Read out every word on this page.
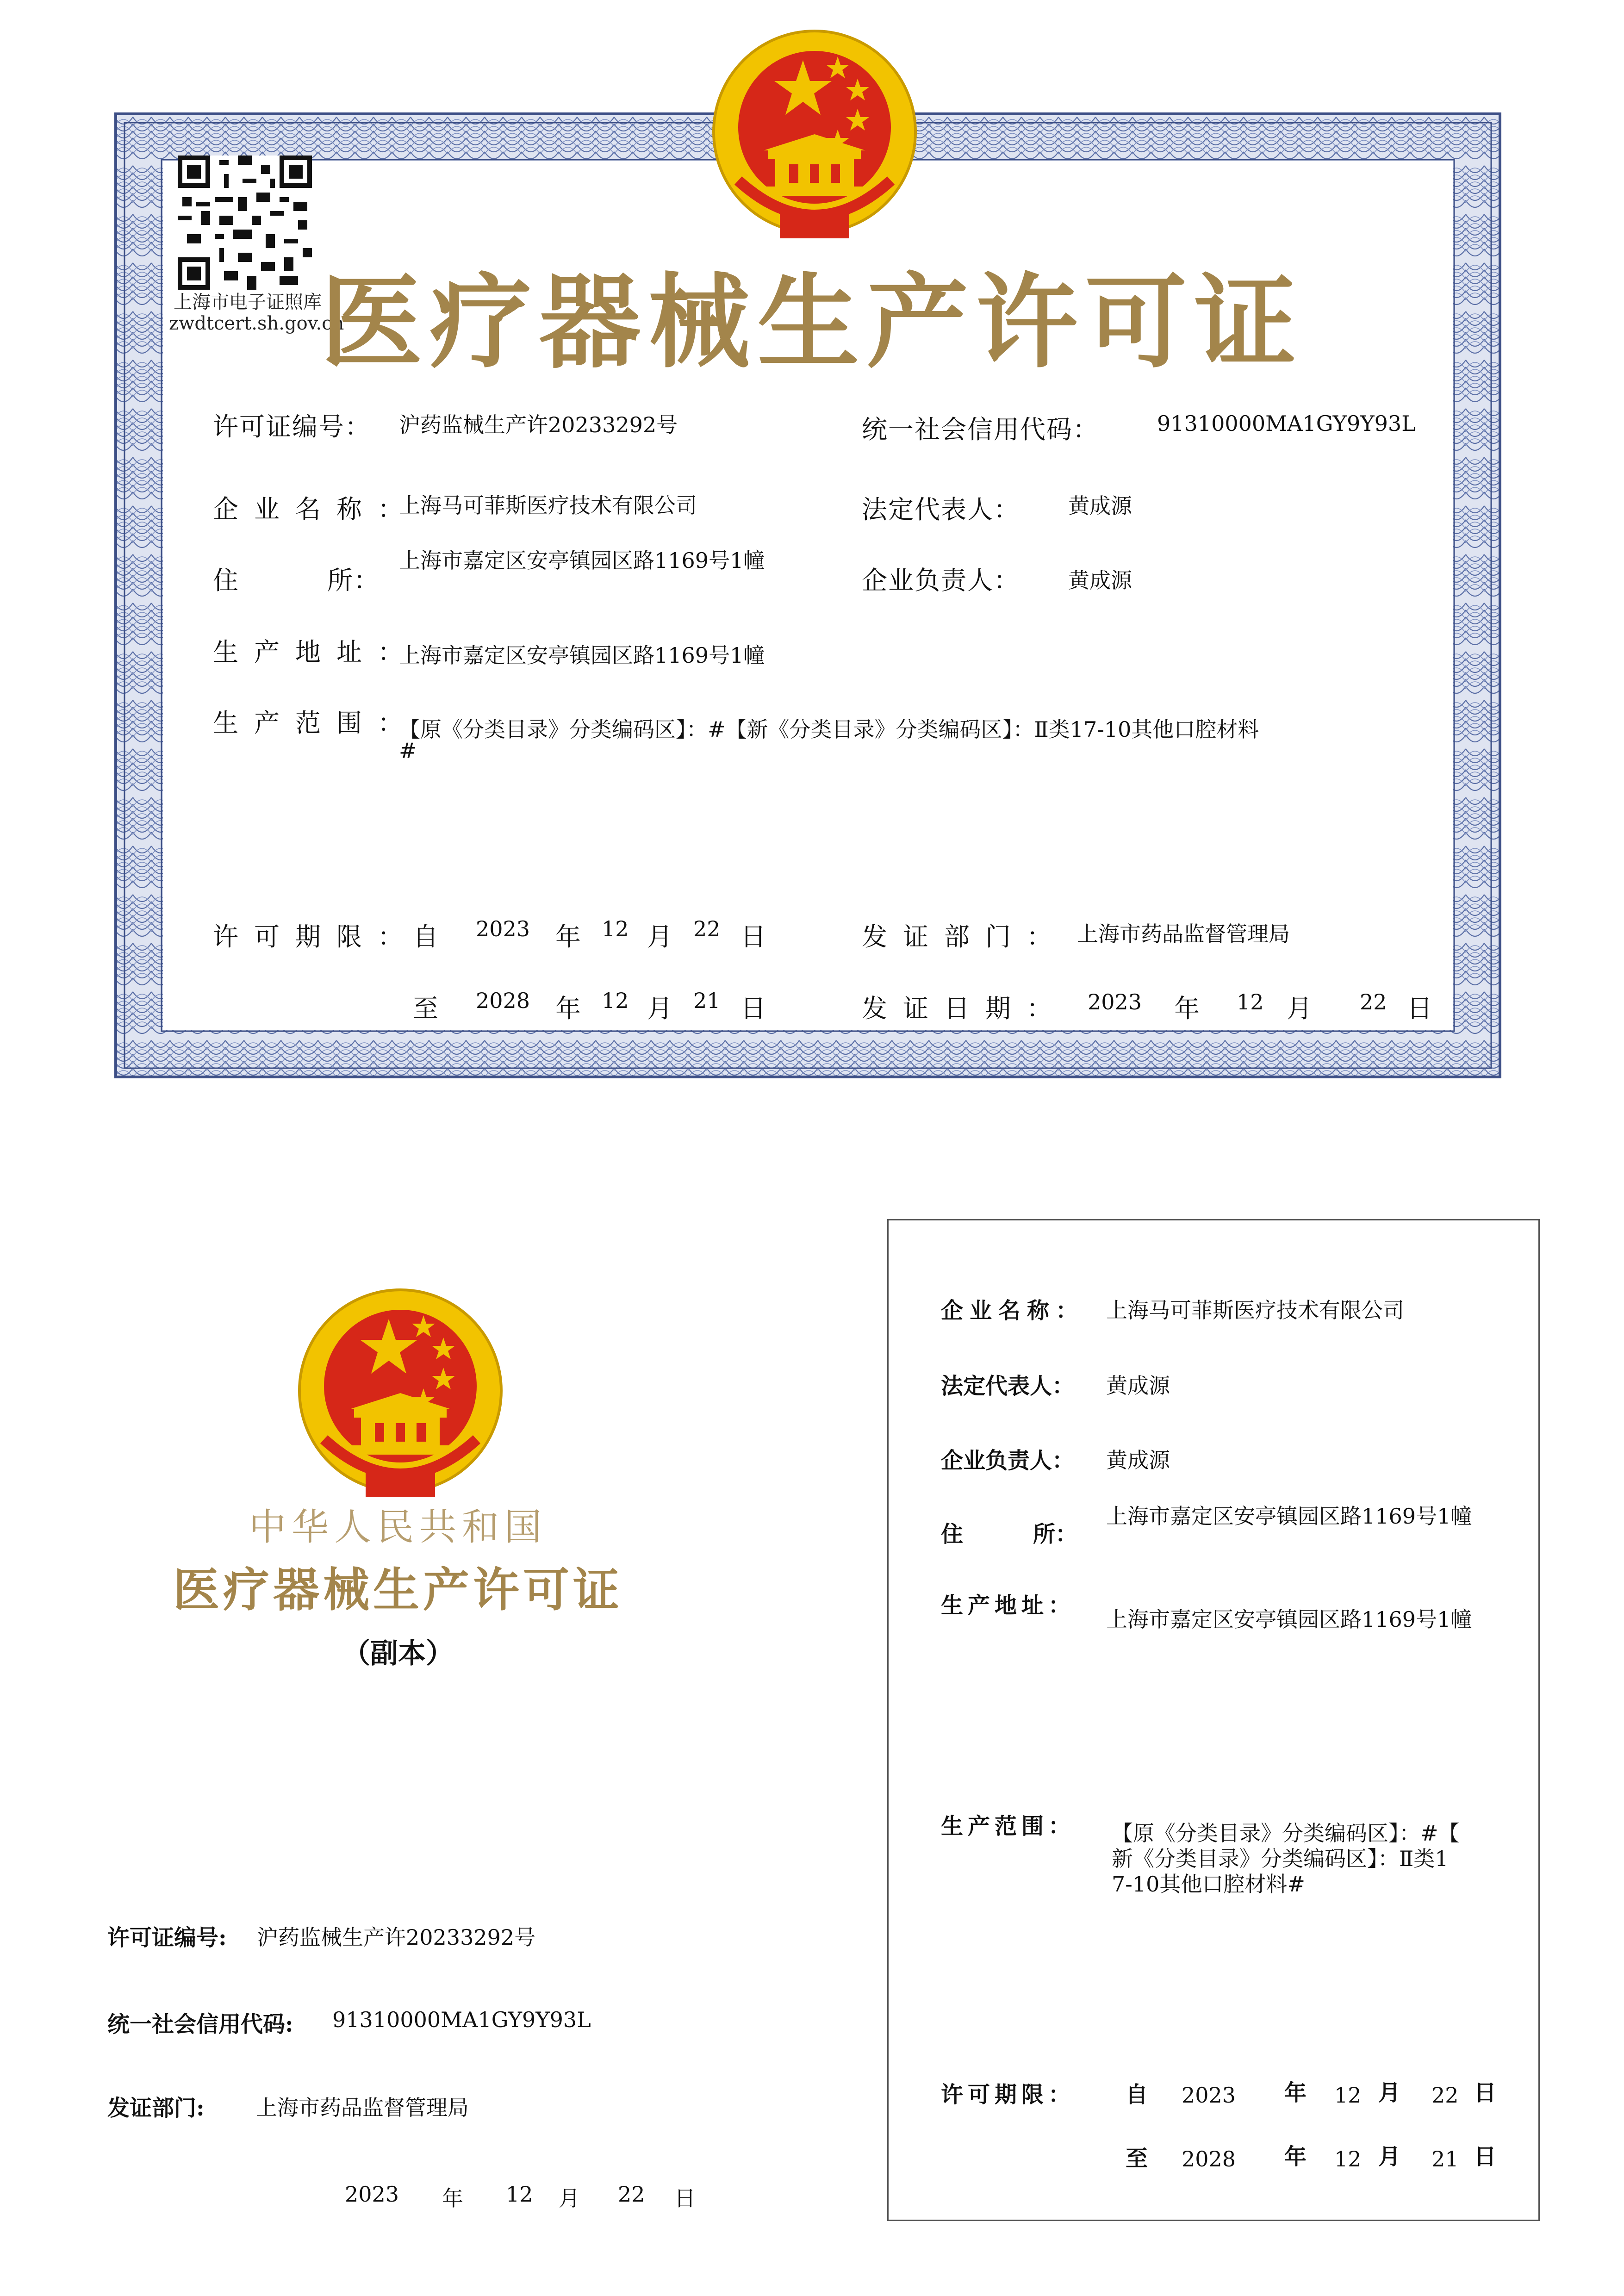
上海市电子证照库
zwdtcert.sh.gov.cn
医疗器械生产许可证
许可证编号： 沪药监械生产许20233292号
企业名称：
上海马可菲斯医疗技术有限公司
住	所：
上海市嘉定区安亭镇园区路1169号1幢
生产地址：
上海市嘉定区安亭镇园区路1169号1幢
生产范围：
【原《分类目录》分类编码区】：#【新《分类目录》分类编码区】：Ⅱ类17-10其他口腔材料
#
统一社会信用代码：	91310000MA1GY9Y93L
法定代表人： 黄成源
企业负责人： 黄成源
许可期限：
自 2023 年 12 月 22 日
至 2028 年 12 月 21 日
发证部门： 上海市药品监督管理局
发证日期： 2023 年 12 月 22 日
中华人民共和国
医疗器械生产许可证
（副本）
许可证编号: 沪药监械生产许20233292号
统一社会信用代码: 91310000MA1GY9Y93L
发证部门: 上海市药品监督管理局
2023 年 12 月 22 日
企业名称： 上海马可菲斯医疗技术有限公司
法定代表人： 黄成源
企业负责人： 黄成源
住	所：
上海市嘉定区安亭镇园区路1169号1幢
生产地址：
上海市嘉定区安亭镇园区路1169号1幢
生产范围： 【原《分类目录》分类编码区】：#【
新《分类目录》分类编码区】：Ⅱ类1
7-10其他口腔材料#
许可期限： 自 2023 年 12 月 22 日
至 2028 年 12 月 21 日
